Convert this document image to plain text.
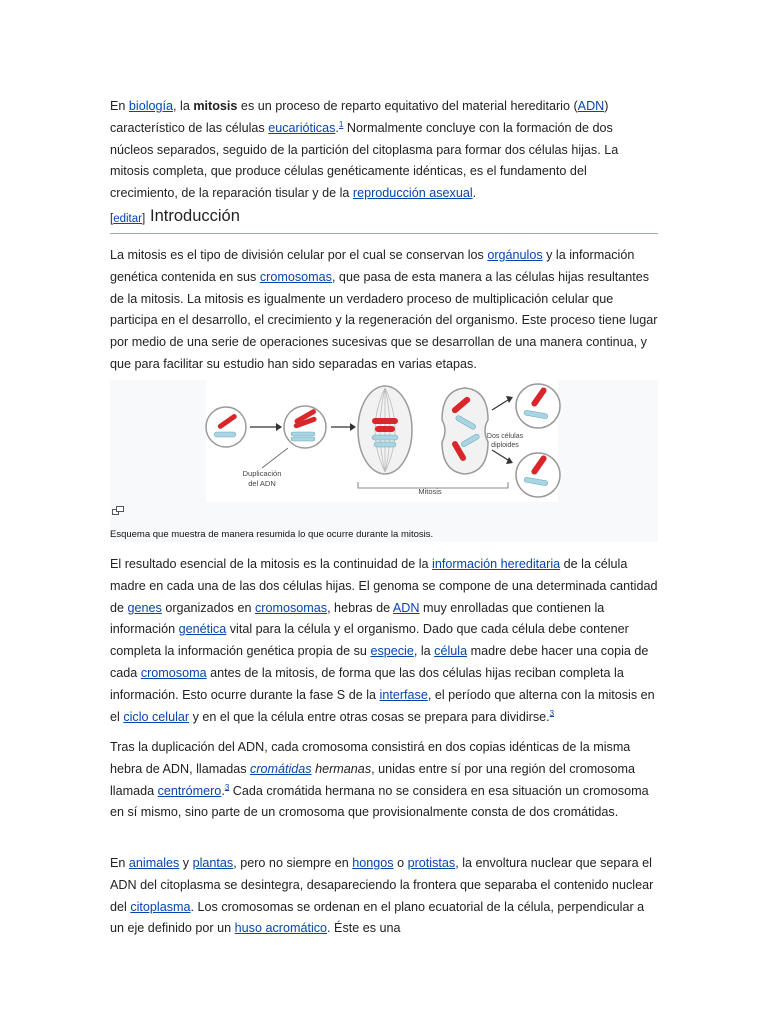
En biología, la mitosis es un proceso de reparto equitativo del material hereditario (ADN) característico de las células eucarióticas.$^1$ Normalmente concluye con la formación de dos núcleos separados, seguido de la partición del citoplasma para formar dos células hijas. La mitosis completa, que produce células genéticamente idénticas, es el fundamento del crecimiento, de la reparación tisular y de la reproducción asexual.

[editar] Introducción

La mitosis es el tipo de división celular por el cual se conservan los orgánulos y la información genética contenida en sus cromosomas, que pasa de esta manera a las células hijas resultantes de la mitosis. La mitosis es igualmente un verdadero proceso de multiplicación celular que participa en el desarrollo, el crecimiento y la regeneración del organismo. Este proceso tiene lugar por medio de una serie de operaciones sucesivas que se desarrollan de una manera continua, y que para facilitar su estudio han sido separadas en varias etapas.

Duplicación
del ADN
Mitosis
Dos células
diploides
Esquema que muestra de manera resumida lo que ocurre durante la mitosis.

El resultado esencial de la mitosis es la continuidad de la información hereditaria de la célula madre en cada una de las dos células hijas. El genoma se compone de una determinada cantidad de genes organizados en cromosomas, hebras de ADN muy enrolladas que contienen la información genética vital para la célula y el organismo. Dado que cada célula debe contener completa la información genética propia de su especie, la célula madre debe hacer una copia de cada cromosoma antes de la mitosis, de forma que las dos células hijas reciban completa la información. Esto ocurre durante la fase S de la interfase, el período que alterna con la mitosis en el ciclo celular y en el que la célula entre otras cosas se prepara para dividirse.$^3$

Tras la duplicación del ADN, cada cromosoma consistirá en dos copias idénticas de la misma hebra de ADN, llamadas cromátidas hermanas, unidas entre sí por una región del cromosoma llamada centrómero.$^3$ Cada cromátida hermana no se considera en esa situación un cromosoma en sí mismo, sino parte de un cromosoma que provisionalmente consta de dos cromátidas.

En animales y plantas, pero no siempre en hongos o protistas, la envoltura nuclear que separa el ADN del citoplasma se desintegra, desapareciendo la frontera que separaba el contenido nuclear del citoplasma. Los cromosomas se ordenan en el plano ecuatorial de la célula, perpendicular a un eje definido por un huso acromático. Éste es una
